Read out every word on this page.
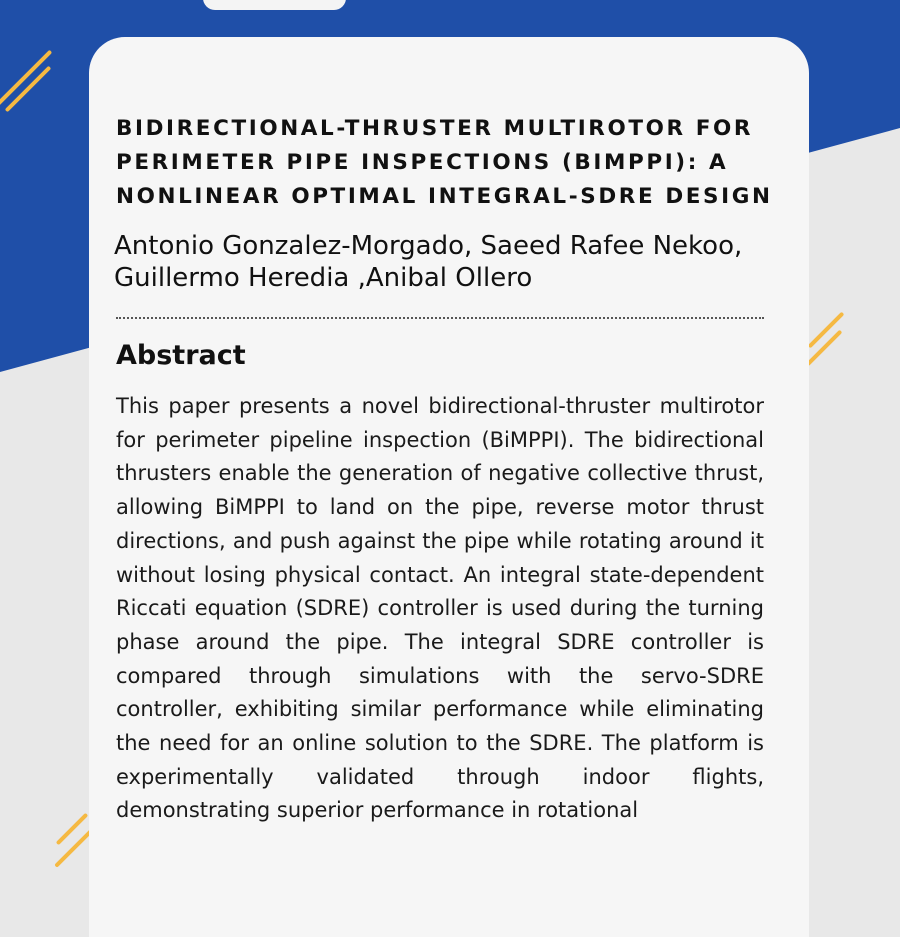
BIDIRECTIONAL-THRUSTER MULTIROTOR FOR PERIMETER PIPE INSPECTIONS (BIMPPI): A NONLINEAR OPTIMAL INTEGRAL-SDRE DESIGN

Antonio Gonzalez-Morgado, Saeed Rafee Nekoo, Guillermo Heredia ,Anibal Ollero

Abstract

This paper presents a novel bidirectional-thruster multirotor for perimeter pipeline inspection (BiMPPI). The bidirectional thrusters enable the generation of negative collective thrust, allowing BiMPPI to land on the pipe, reverse motor thrust directions, and push against the pipe while rotating around it without losing physical contact. An integral state-dependent Riccati equation (SDRE) controller is used during the turning phase around the pipe. The integral SDRE controller is compared through simulations with the servo-SDRE controller, exhibiting similar performance while eliminating the need for an online solution to the SDRE. The platform is experimentally validated through indoor flights, demonstrating superior performance in rotational
